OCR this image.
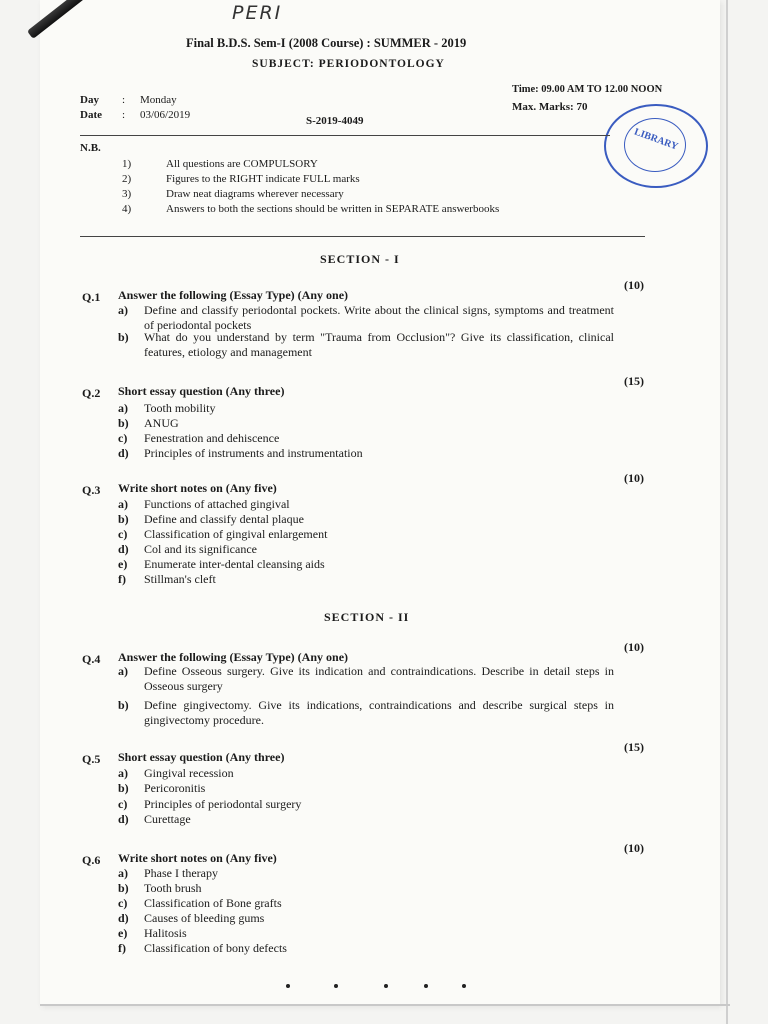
PERI
Final B.D.S. Sem-I (2008 Course) : SUMMER - 2019
SUBJECT: PERIODONTOLOGY
Day : Monday
Date : 03/06/2019	S-2019-4049
Time: 09.00 AM TO 12.00 NOON
Max. Marks: 70
LIBRARY
N.B.
1)	All questions are COMPULSORY
2)	Figures to the RIGHT indicate FULL marks
3)	Draw neat diagrams wherever necessary
4)	Answers to both the sections should be written in SEPARATE answerbooks
SECTION - I
Q.1 Answer the following (Essay Type) (Any one)
(10)
a) Define and classify periodontal pockets. Write about the clinical signs, symptoms and treatment of periodontal pockets
b) What do you understand by term "Trauma from Occlusion"? Give its classification, clinical features, etiology and management
Q.2 Short essay question (Any three)
(15)
a) Tooth mobility
b) ANUG
c) Fenestration and dehiscence
d) Principles of instruments and instrumentation
Q.3 Write short notes on (Any five)
(10)
a) Functions of attached gingival
b) Define and classify dental plaque
c) Classification of gingival enlargement
d) Col and its significance
e) Enumerate inter-dental cleansing aids
f) Stillman's cleft
SECTION - II
Q.4 Answer the following (Essay Type) (Any one)
(10)
a) Define Osseous surgery. Give its indication and contraindications. Describe in detail steps in Osseous surgery
b) Define gingivectomy. Give its indications, contraindications and describe surgical steps in gingivectomy procedure.
Q.5 Short essay question (Any three)
(15)
a) Gingival recession
b) Pericoronitis
c) Principles of periodontal surgery
d) Curettage
Q.6 Write short notes on (Any five)
(10)
a) Phase I therapy
b) Tooth brush
c) Classification of Bone grafts
d) Causes of bleeding gums
e) Halitosis
f) Classification of bony defects
